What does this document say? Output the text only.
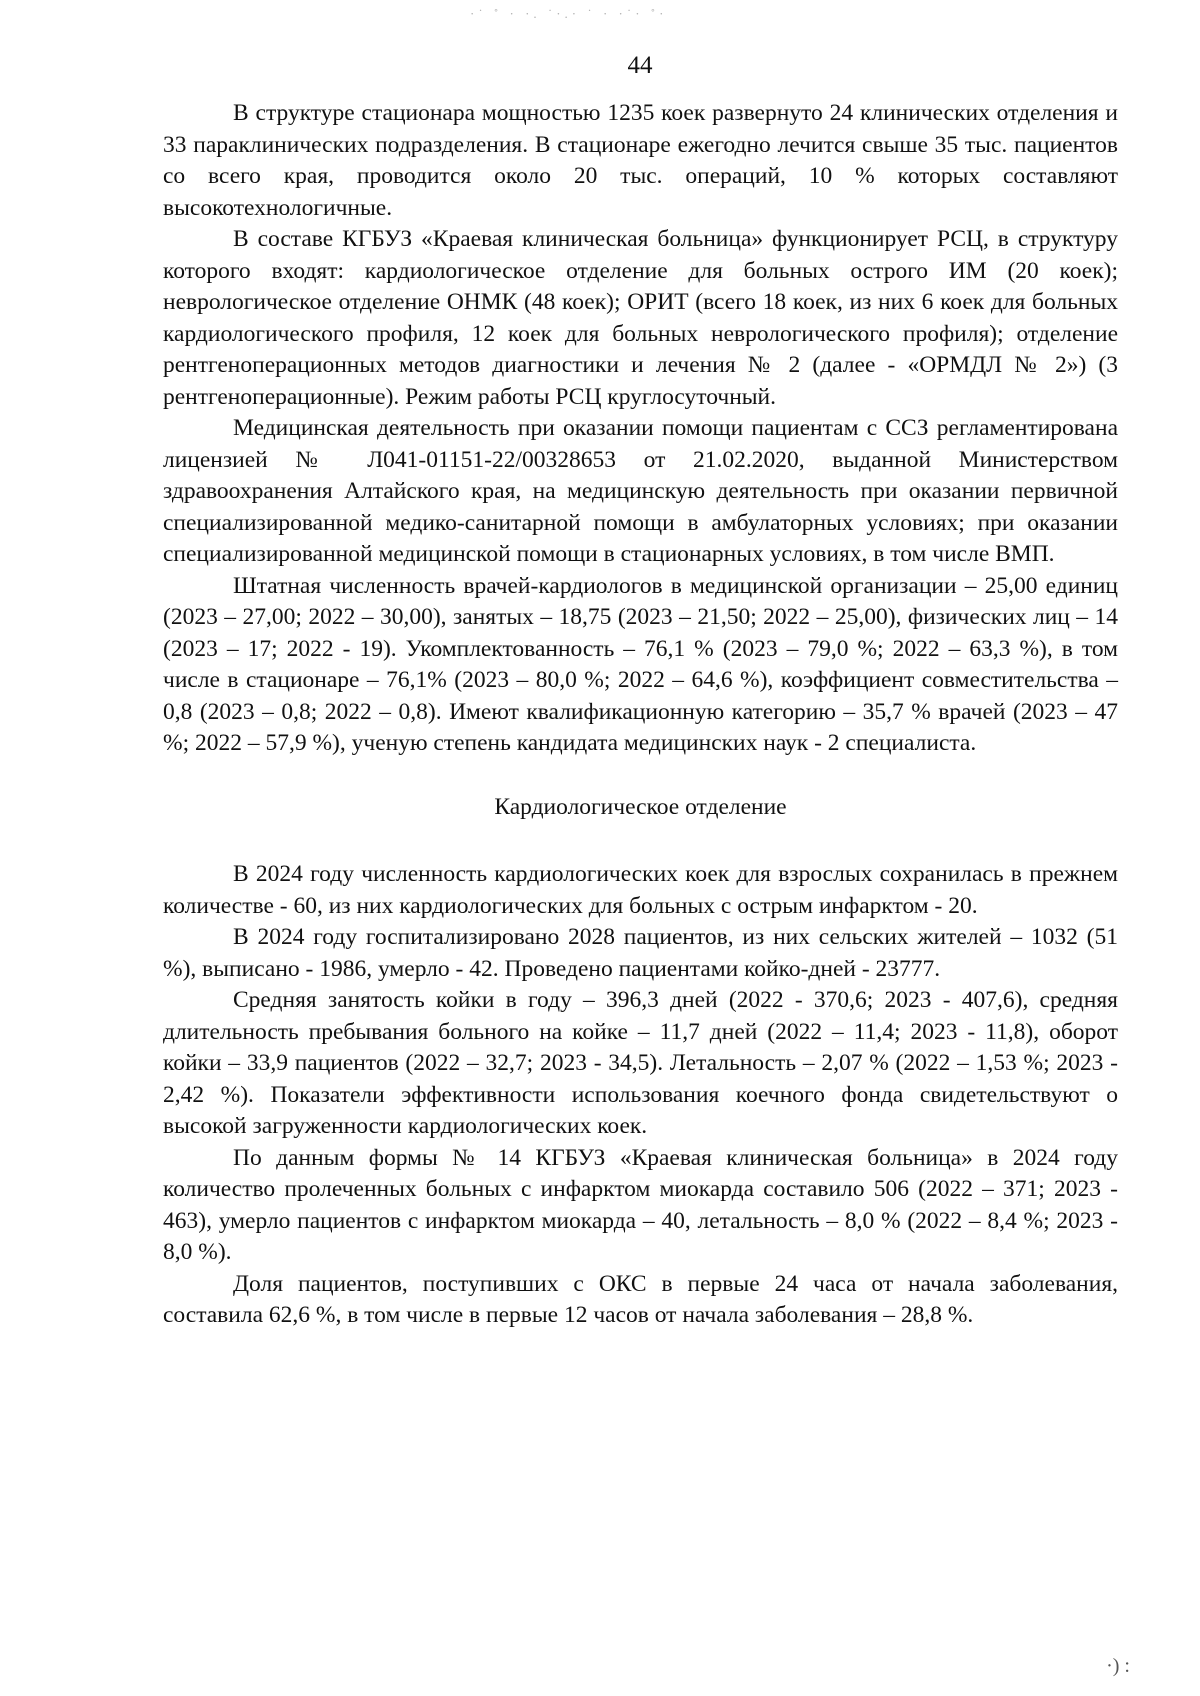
·˙ ˚ · ·. ˙·.· ˙ · ·˙· ˚·
44

В структуре стационара мощностью 1235 коек развернуто 24 клинических отделения и 33 параклинических подразделения. В стационаре ежегодно лечится свыше 35 тыс. пациентов со всего края, проводится около 20 тыс. операций, 10 % которых составляют высокотехнологичные.

В составе КГБУЗ «Краевая клиническая больница» функционирует РСЦ, в структуру которого входят: кардиологическое отделение для больных острого ИМ (20 коек); неврологическое отделение ОНМК (48 коек); ОРИТ (всего 18 коек, из них 6 коек для больных кардиологического профиля, 12 коек для больных неврологического профиля); отделение рентгеноперационных методов диагностики и лечения № 2 (далее - «ОРМДЛ № 2») (3 рентгеноперационные). Режим работы РСЦ круглосуточный.

Медицинская деятельность при оказании помощи пациентам с ССЗ регламентирована лицензией № Л041-01151-22/00328653 от 21.02.2020, выданной Министерством здравоохранения Алтайского края, на медицинскую деятельность при оказании первичной специализированной медико-санитарной помощи в амбулаторных условиях; при оказании специализированной медицинской помощи в стационарных условиях, в том числе ВМП.

Штатная численность врачей-кардиологов в медицинской организации – 25,00 единиц (2023 – 27,00; 2022 – 30,00), занятых – 18,75 (2023 – 21,50; 2022 – 25,00), физических лиц – 14 (2023 – 17; 2022 - 19). Укомплектованность – 76,1 % (2023 – 79,0 %; 2022 – 63,3 %), в том числе в стационаре – 76,1% (2023 – 80,0 %; 2022 – 64,6 %), коэффициент совместительства – 0,8 (2023 – 0,8; 2022 – 0,8). Имеют квалификационную категорию – 35,7 % врачей (2023 – 47 %; 2022 – 57,9 %), ученую степень кандидата медицинских наук - 2 специалиста.

Кардиологическое отделение

В 2024 году численность кардиологических коек для взрослых сохранилась в прежнем количестве - 60, из них кардиологических для больных с острым инфарктом - 20.

В 2024 году госпитализировано 2028 пациентов, из них сельских жителей – 1032 (51 %), выписано - 1986, умерло - 42. Проведено пациентами койко-дней - 23777.

Средняя занятость койки в году – 396,3 дней (2022 - 370,6; 2023 - 407,6), средняя длительность пребывания больного на койке – 11,7 дней (2022 – 11,4; 2023 - 11,8), оборот койки – 33,9 пациентов (2022 – 32,7; 2023 - 34,5). Летальность – 2,07 % (2022 – 1,53 %; 2023 - 2,42 %). Показатели эффективности использования коечного фонда свидетельствуют о высокой загруженности кардиологических коек.

По данным формы № 14 КГБУЗ «Краевая клиническая больница» в 2024 году количество пролеченных больных с инфарктом миокарда составило 506 (2022 – 371; 2023 - 463), умерло пациентов с инфарктом миокарда – 40, летальность – 8,0 % (2022 – 8,4 %; 2023 - 8,0 %).

Доля пациентов, поступивших с ОКС в первые 24 часа от начала заболевания, составила 62,6 %, в том числе в первые 12 часов от начала заболевания – 28,8 %.

·) :
